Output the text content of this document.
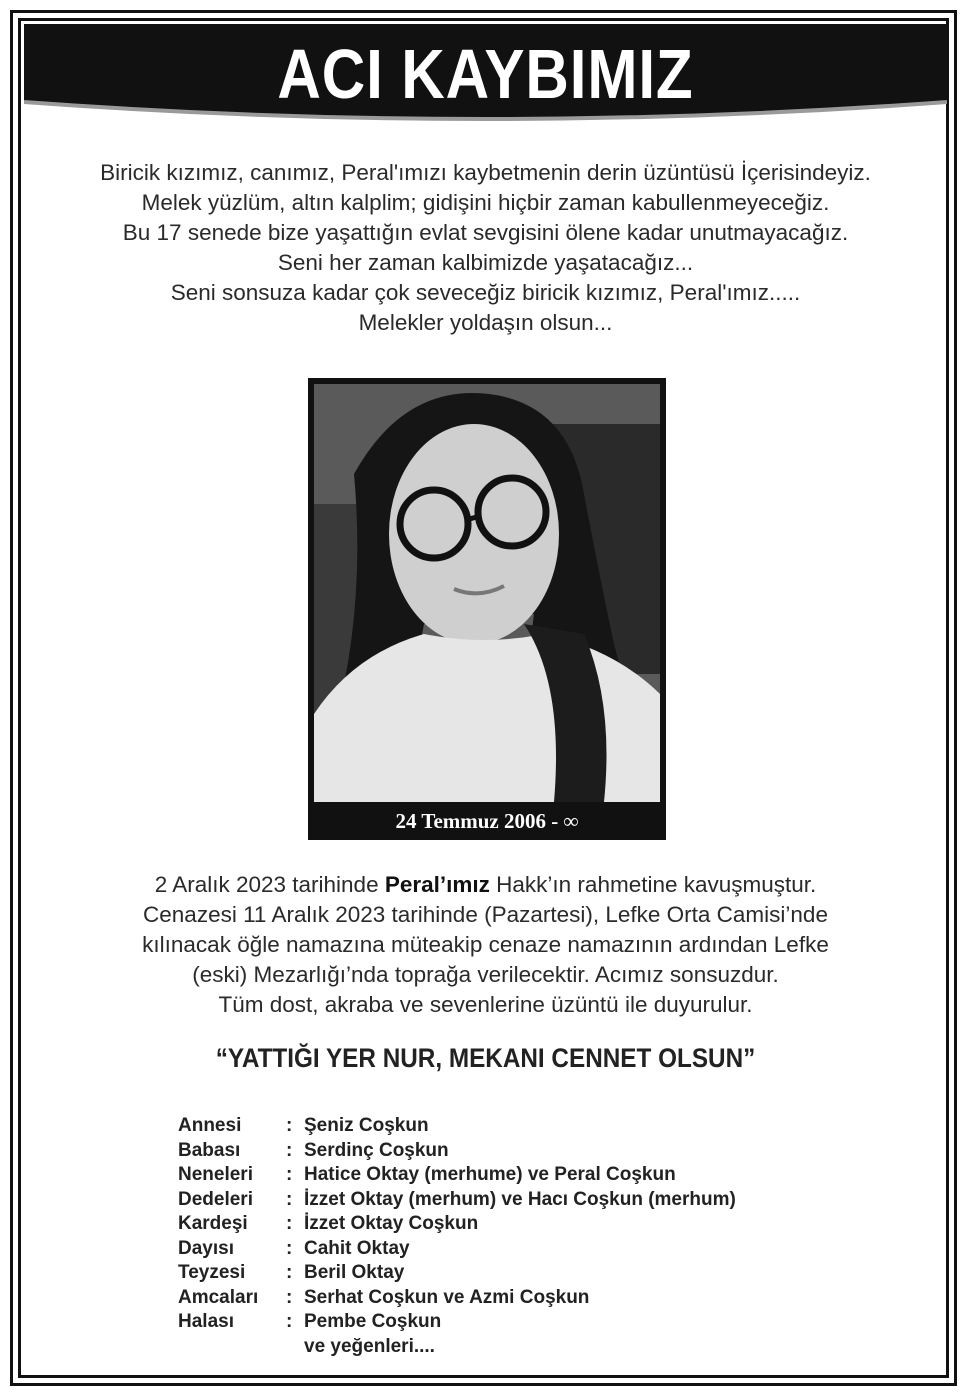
ACI KAYBIMIZ
Biricik kızımız, canımız, Peral'ımızı kaybetmenin derin üzüntüsü İçerisindeyiz.
Melek yüzlüm, altın kalplim; gidişini hiçbir zaman kabullenmeyeceğiz.
Bu 17 senede bize yaşattığın evlat sevgisini ölene kadar unutmayacağız.
Seni her zaman kalbimizde yaşatacağız...
Seni sonsuza kadar çok seveceğiz biricik kızımız, Peral'ımız.....
Melekler yoldaşın olsun...
24 Temmuz 2006 - ∞
2 Aralık 2023 tarihinde Peral’ımız Hakk’ın rahmetine kavuşmuştur.
Cenazesi 11 Aralık 2023 tarihinde (Pazartesi), Lefke Orta Camisi’nde
kılınacak öğle namazına müteakip cenaze namazının ardından Lefke
(eski) Mezarlığı’nda toprağa verilecektir. Acımız sonsuzdur.
Tüm dost, akraba ve sevenlerine üzüntü ile duyurulur.
“YATTIĞI YER NUR, MEKANI CENNET OLSUN”
Annesi	: Şeniz Coşkun
Babası	: Serdinç Coşkun
Neneleri	: Hatice Oktay (merhume) ve Peral Coşkun
Dedeleri	: İzzet Oktay (merhum) ve Hacı Coşkun (merhum)
Kardeşi	: İzzet Oktay Coşkun
Dayısı	: Cahit Oktay
Teyzesi	: Beril Oktay
Amcaları	: Serhat Coşkun ve Azmi Coşkun
Halası	: Pembe Coşkun
ve yeğenleri....
